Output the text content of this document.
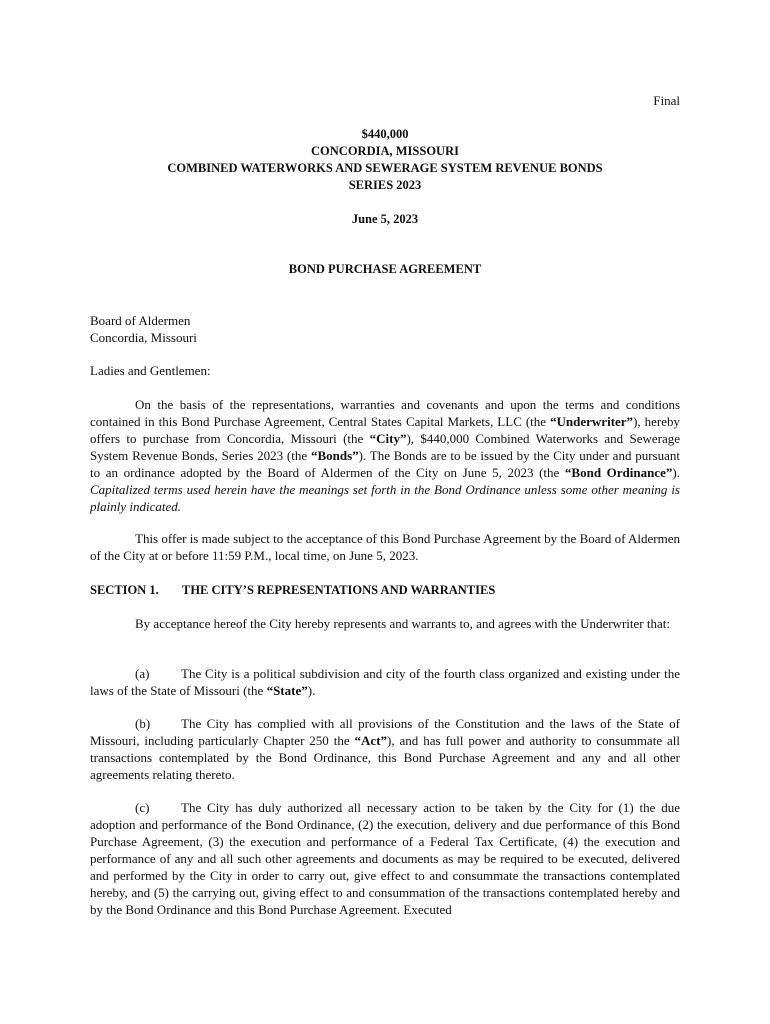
Final
$440,000
CONCORDIA, MISSOURI
COMBINED WATERWORKS AND SEWERAGE SYSTEM REVENUE BONDS
SERIES 2023
June 5, 2023
BOND PURCHASE AGREEMENT
Board of Aldermen
Concordia, Missouri
Ladies and Gentlemen:

On the basis of the representations, warranties and covenants and upon the terms and conditions contained in this Bond Purchase Agreement, Central States Capital Markets, LLC (the “Underwriter”), hereby offers to purchase from Concordia, Missouri (the “City”), $440,000 Combined Waterworks and Sewerage System Revenue Bonds, Series 2023 (the “Bonds”). The Bonds are to be issued by the City under and pursuant to an ordinance adopted by the Board of Aldermen of the City on June 5, 2023 (the “Bond Ordinance”). Capitalized terms used herein have the meanings set forth in the Bond Ordinance unless some other meaning is plainly indicated.

This offer is made subject to the acceptance of this Bond Purchase Agreement by the Board of Aldermen of the City at or before 11:59 P.M., local time, on June 5, 2023.

SECTION 1. THE CITY’S REPRESENTATIONS AND WARRANTIES

By acceptance hereof the City hereby represents and warrants to, and agrees with the Underwriter that:

(a) The City is a political subdivision and city of the fourth class organized and existing under the laws of the State of Missouri (the “State”).

(b) The City has complied with all provisions of the Constitution and the laws of the State of Missouri, including particularly Chapter 250 the “Act”), and has full power and authority to consummate all transactions contemplated by the Bond Ordinance, this Bond Purchase Agreement and any and all other agreements relating thereto.

(c) The City has duly authorized all necessary action to be taken by the City for (1) the due adoption and performance of the Bond Ordinance, (2) the execution, delivery and due performance of this Bond Purchase Agreement, (3) the execution and performance of a Federal Tax Certificate, (4) the execution and performance of any and all such other agreements and documents as may be required to be executed, delivered and performed by the City in order to carry out, give effect to and consummate the transactions contemplated hereby, and (5) the carrying out, giving effect to and consummation of the transactions contemplated hereby and by the Bond Ordinance and this Bond Purchase Agreement. Executed
